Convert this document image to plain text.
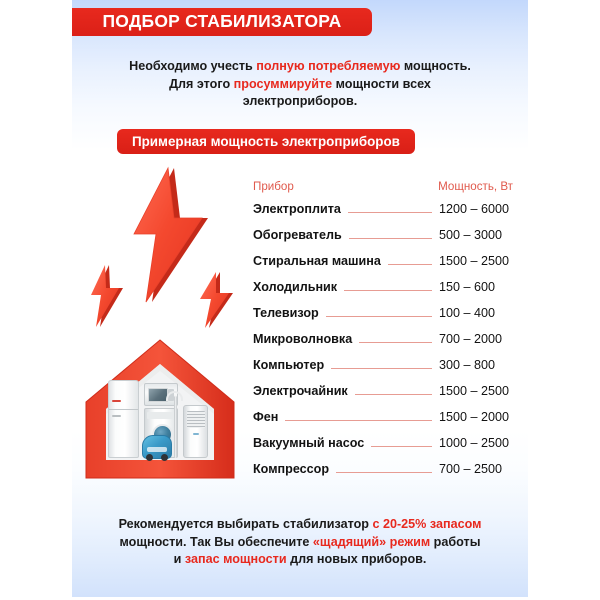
ПОДБОР СТАБИЛИЗАТОРА
Необходимо учесть полную потребляемую мощность.
Для этого просуммируйте мощности всех
электроприборов.
Примерная мощность электроприборов
Прибор	Мощность, Вт
Электроплита	1200 – 6000
Обогреватель	500 – 3000
Стиральная машина	1500 – 2500
Холодильник	150 – 600
Телевизор	100 – 400
Микроволновка	700 – 2000
Компьютер	300 – 800
Электрочайник	1500 – 2500
Фен	1500 – 2000
Вакуумный насос	1000 – 2500
Компрессор	700 – 2500
Рекомендуется выбирать стабилизатор с 20-25% запасом
мощности. Так Вы обеспечите «щадящий» режим работы
и запас мощности для новых приборов.
